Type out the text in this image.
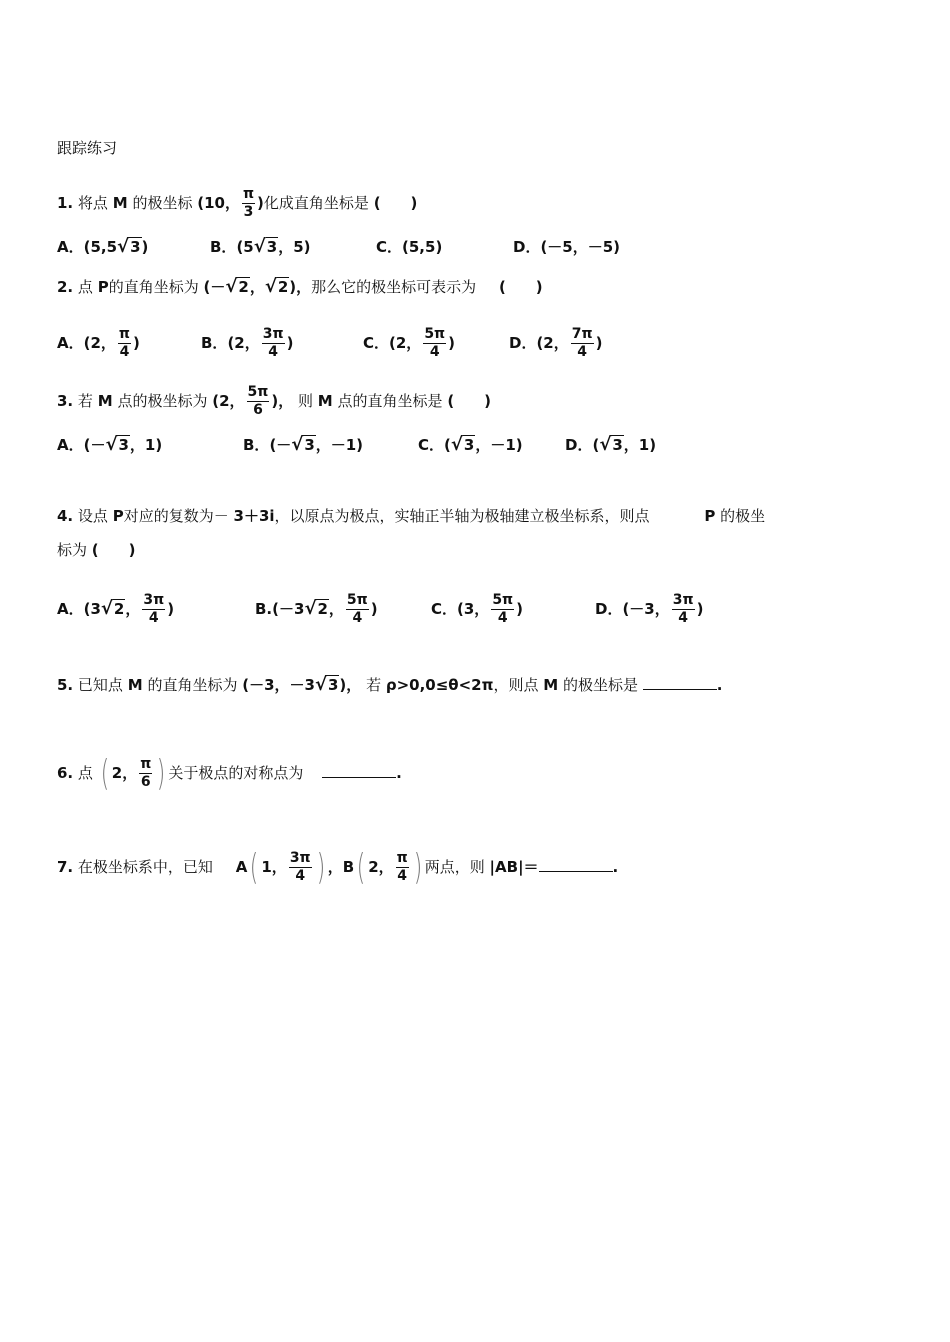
跟踪练习
1. 将点 M 的极坐标 (10， $\frac{\pi}{3}$ )化成直角坐标是 (　　)
A．(5,5√3)	B．(5√3，5)	C．(5,5)	D．(－5，－5)
2. 点 P的直角坐标为 (－√2，√2)，那么它的极坐标可表示为 (　　)
A．(2， $\frac{\pi}{4}$ )	B．(2， $\frac{3\pi}{4}$ )	C．(2， $\frac{5\pi}{4}$ )	D．(2， $\frac{7\pi}{4}$ )
3. 若 M 点的极坐标为 (2， $\frac{5\pi}{6}$ )， 则 M 点的直角坐标是 (　　)
A．(－√3，1)	B．(－√3，－1)	C．(√3，－1)	D．(√3，1)
4. 设点 P对应的复数为－ 3＋3i，以原点为极点，实轴正半轴为极轴建立极坐标系，则点	P 的极坐
标为 (　　)
A．(3√2， $\frac{3\pi}{4}$ )	B.(－3√2， $\frac{5\pi}{4}$ )	C．(3， $\frac{5\pi}{4}$ )	D．(－3， $\frac{3\pi}{4}$ )
5. 已知点 M 的直角坐标为 (－3，－3√3)， 若 ρ>0,0≤θ<2π，则点 M 的极坐标是	.
6. 点 ( 2， $\frac{\pi}{6}$ ) 关于极点的对称点为	.
7. 在极坐标系中，已知 A( 1， $\frac{3\pi}{4}$ ) ，B( 2， $\frac{\pi}{4}$ ) 两点，则 |AB|＝	.
